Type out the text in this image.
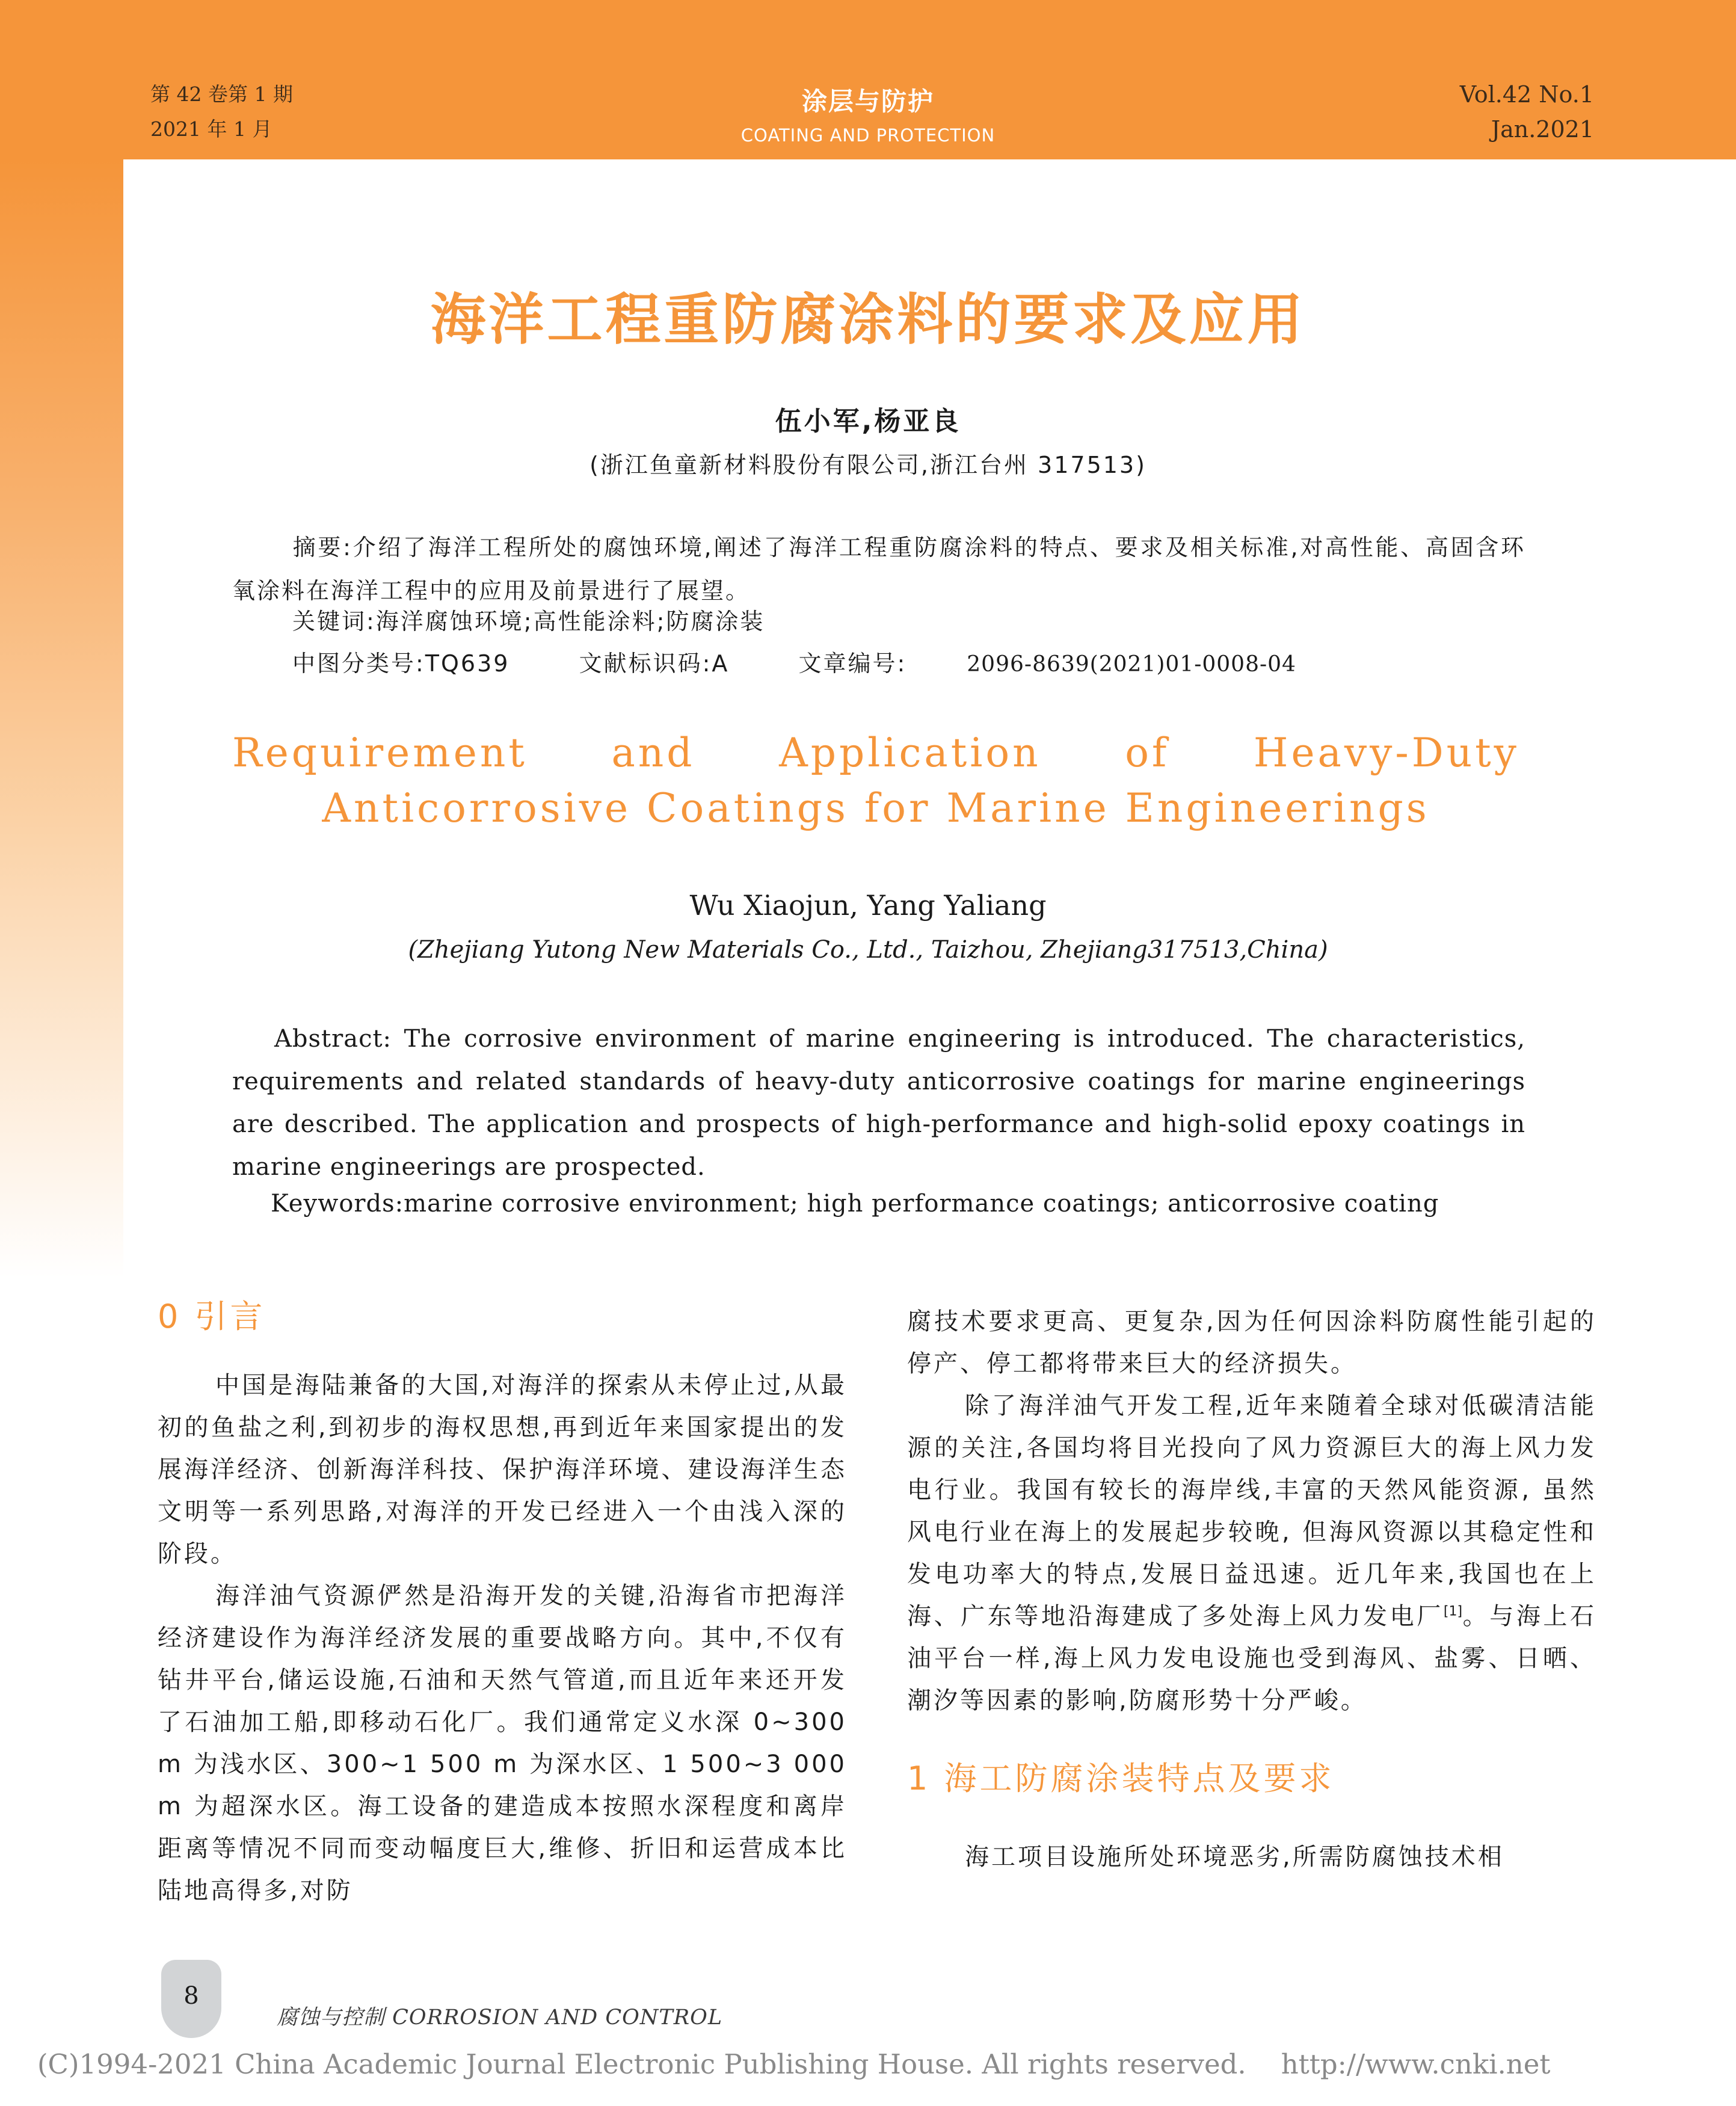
第 42 卷第 1 期
2021 年 1 月
涂层与防护
COATING AND PROTECTION
Vol.42 No.1
Jan.2021
海洋工程重防腐涂料的要求及应用
伍小军,杨亚良
(浙江鱼童新材料股份有限公司,浙江台州 317513)
摘要:介绍了海洋工程所处的腐蚀环境,阐述了海洋工程重防腐涂料的特点、要求及相关标准,对高性能、高固含环氧涂料在海洋工程中的应用及前景进行了展望。
关键词:海洋腐蚀环境;高性能涂料;防腐涂装
中图分类号:TQ639	文献标识码:A	文章编号:	2096-8639(2021)01-0008-04
Requirement and Application of Heavy-Duty
Anticorrosive Coatings for Marine Engineerings
Wu Xiaojun, Yang Yaliang
(Zhejiang Yutong New Materials Co., Ltd., Taizhou, Zhejiang317513,China)
Abstract: The corrosive environment of marine engineering is introduced. The characteristics, requirements and related standards of heavy-duty anticorrosive coatings for marine engineerings are described. The application and prospects of high-performance and high-solid epoxy coatings in marine engineerings are prospected.
Keywords:marine corrosive environment; high performance coatings; anticorrosive coating
0 引言

中国是海陆兼备的大国,对海洋的探索从未停止过,从最初的鱼盐之利,到初步的海权思想,再到近年来国家提出的发展海洋经济、创新海洋科技、保护海洋环境、建设海洋生态文明等一系列思路,对海洋的开发已经进入一个由浅入深的阶段。

海洋油气资源俨然是沿海开发的关键,沿海省市把海洋经济建设作为海洋经济发展的重要战略方向。其中,不仅有钻井平台,储运设施,石油和天然气管道,而且近年来还开发了石油加工船,即移动石化厂。我们通常定义水深 0~300 m 为浅水区、300~1 500 m 为深水区、1 500~3 000 m 为超深水区。海工设备的建造成本按照水深程度和离岸距离等情况不同而变动幅度巨大,维修、折旧和运营成本比陆地高得多,对防

腐技术要求更高、更复杂,因为任何因涂料防腐性能引起的停产、停工都将带来巨大的经济损失。

除了海洋油气开发工程,近年来随着全球对低碳清洁能源的关注,各国均将目光投向了风力资源巨大的海上风力发电行业。我国有较长的海岸线,丰富的天然风能资源, 虽然风电行业在海上的发展起步较晚, 但海风资源以其稳定性和发电功率大的特点,发展日益迅速。近几年来,我国也在上海、广东等地沿海建成了多处海上风力发电厂[1]。与海上石油平台一样,海上风力发电设施也受到海风、盐雾、日晒、潮汐等因素的影响,防腐形势十分严峻。

1 海工防腐涂装特点及要求

海工项目设施所处环境恶劣,所需防腐蚀技术相

8
腐蚀与控制 CORROSION AND CONTROL
(C)1994-2021 China Academic Journal Electronic Publishing House. All rights reserved. http://www.cnki.net
